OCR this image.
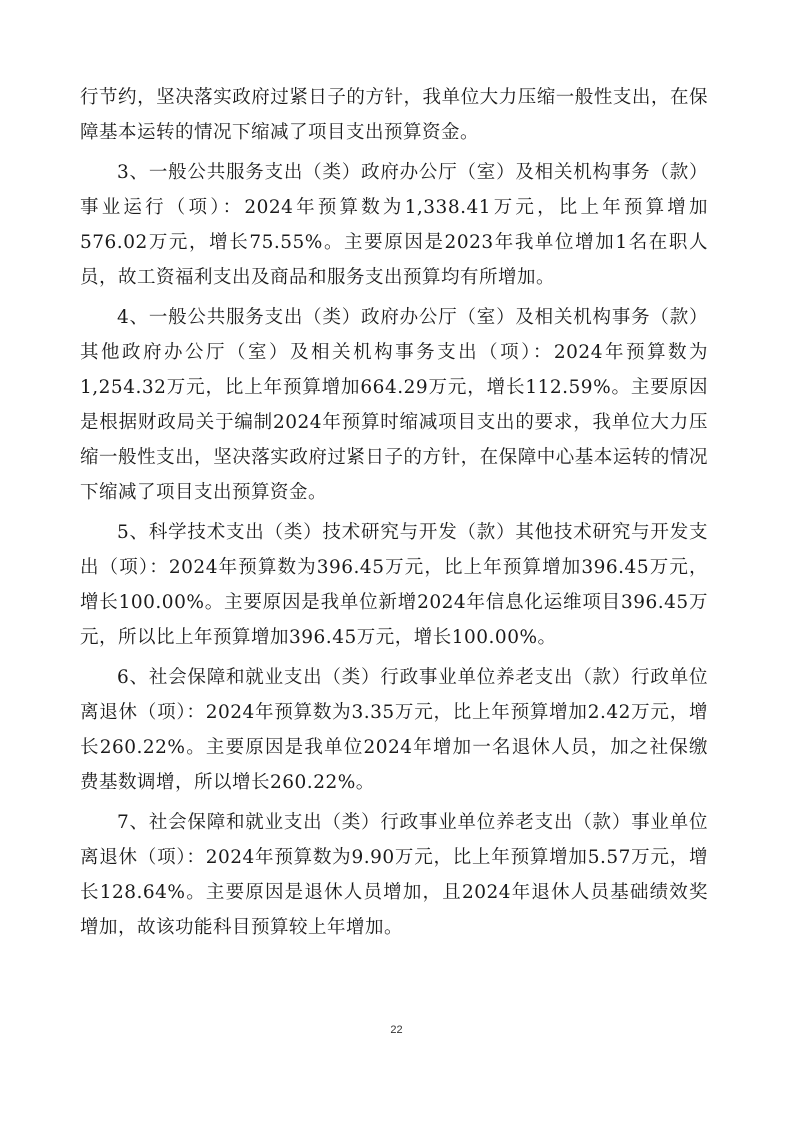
行节约，坚决落实政府过紧日子的方针，我单位大力压缩一般性支出，在保障基本运转的情况下缩减了项目支出预算资金。

3、一般公共服务支出（类）政府办公厅（室）及相关机构事务（款）事业运行（项）：2024年预算数为1,338.41万元，比上年预算增加576.02万元，增长75.55%。主要原因是2023年我单位增加1名在职人员，故工资福利支出及商品和服务支出预算均有所增加。

4、一般公共服务支出（类）政府办公厅（室）及相关机构事务（款）其他政府办公厅（室）及相关机构事务支出（项）：2024年预算数为1,254.32万元，比上年预算增加664.29万元，增长112.59%。主要原因是根据财政局关于编制2024年预算时缩减项目支出的要求，我单位大力压缩一般性支出，坚决落实政府过紧日子的方针，在保障中心基本运转的情况下缩减了项目支出预算资金。

5、科学技术支出（类）技术研究与开发（款）其他技术研究与开发支出（项）：2024年预算数为396.45万元，比上年预算增加396.45万元，增长100.00%。主要原因是我单位新增2024年信息化运维项目396.45万元，所以比上年预算增加396.45万元，增长100.00%。

6、社会保障和就业支出（类）行政事业单位养老支出（款）行政单位离退休（项）：2024年预算数为3.35万元，比上年预算增加2.42万元，增长260.22%。主要原因是我单位2024年增加一名退休人员，加之社保缴费基数调增，所以增长260.22%。

7、社会保障和就业支出（类）行政事业单位养老支出（款）事业单位离退休（项）：2024年预算数为9.90万元，比上年预算增加5.57万元，增长128.64%。主要原因是退休人员增加，且2024年退休人员基础绩效奖增加，故该功能科目预算较上年增加。

22
